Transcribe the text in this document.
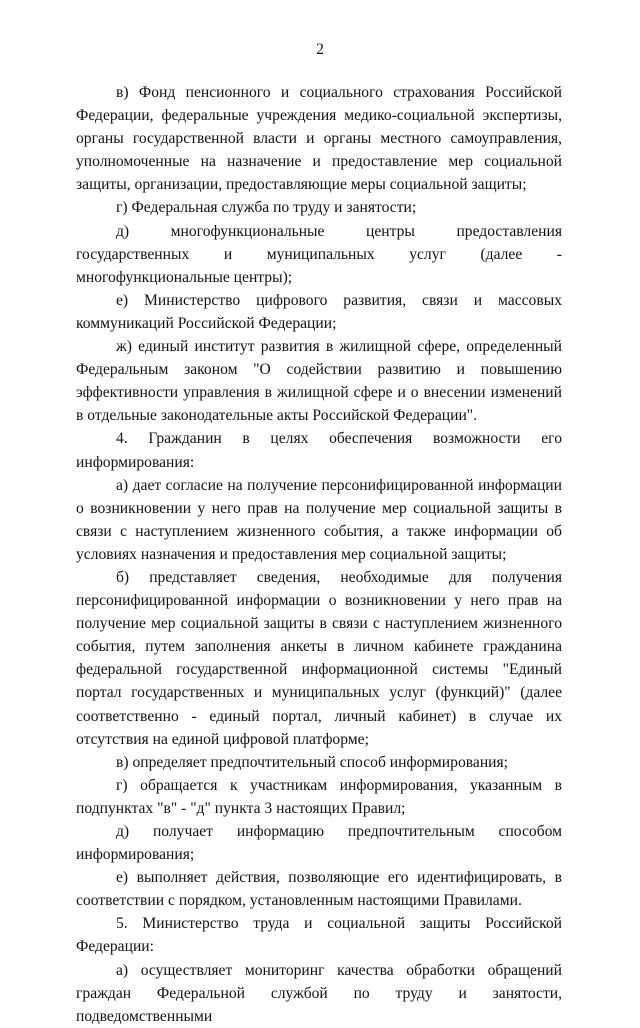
2

в) Фонд пенсионного и социального страхования Российской Федерации, федеральные учреждения медико-социальной экспертизы, органы государственной власти и органы местного самоуправления, уполномоченные на назначение и предоставление мер социальной защиты, организации, предоставляющие меры социальной защиты;

г) Федеральная служба по труду и занятости;

д) многофункциональные центры предоставления государственных и муниципальных услуг (далее - многофункциональные центры);

е) Министерство цифрового развития, связи и массовых коммуникаций Российской Федерации;

ж) единый институт развития в жилищной сфере, определенный Федеральным законом "О содействии развитию и повышению эффективности управления в жилищной сфере и о внесении изменений в отдельные законодательные акты Российской Федерации".

4. Гражданин в целях обеспечения возможности его информирования:

а) дает согласие на получение персонифицированной информации о возникновении у него прав на получение мер социальной защиты в связи с наступлением жизненного события, а также информации об условиях назначения и предоставления мер социальной защиты;

б) представляет сведения, необходимые для получения персонифицированной информации о возникновении у него прав на получение мер социальной защиты в связи с наступлением жизненного события, путем заполнения анкеты в личном кабинете гражданина федеральной государственной информационной системы "Единый портал государственных и муниципальных услуг (функций)" (далее соответственно - единый портал, личный кабинет) в случае их отсутствия на единой цифровой платформе;

в) определяет предпочтительный способ информирования;

г) обращается к участникам информирования, указанным в подпунктах "в" - "д" пункта 3 настоящих Правил;

д) получает информацию предпочтительным способом информирования;

е) выполняет действия, позволяющие его идентифицировать, в соответствии с порядком, установленным настоящими Правилами.

5. Министерство труда и социальной защиты Российской Федерации:

а) осуществляет мониторинг качества обработки обращений граждан Федеральной службой по труду и занятости, подведомственными
